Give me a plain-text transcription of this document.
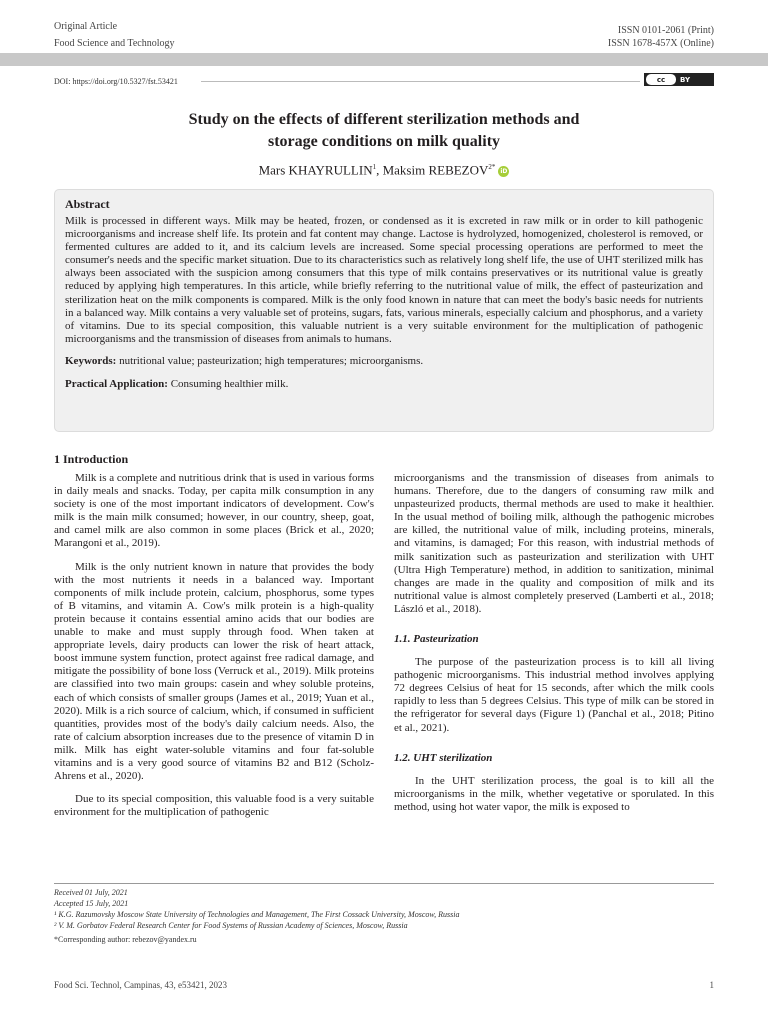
Original Article
Food Science and Technology
ISSN 0101-2061 (Print)
ISSN 1678-457X (Online)
DOI: https://doi.org/10.5327/fst.53421	cc	BY
Study on the effects of different sterilization methods and
storage conditions on milk quality
Mars KHAYRULLIN$^1$, Maksim $REBEZOV^{2*}iD$
Abstract
Milk is processed in different ways. Milk may be heated, frozen, or condensed as it is excreted in raw milk or in order to kill pathogenic microorganisms and increase shelf life. Its protein and fat content may change. Lactose is hydrolyzed, homogenized, cholesterol is removed, or fermented cultures are added to it, and its calcium levels are increased. Some special processing operations are performed to meet the consumer's needs and the specific market situation. Due to its characteristics such as relatively long shelf life, the use of UHT sterilized milk has always been associated with the suspicion among consumers that this type of milk contains preservatives or its nutritional value is greatly reduced by applying high temperatures. In this article, while briefly referring to the nutritional value of milk, the effect of pasteurization and sterilization heat on the milk components is compared. Milk is the only food known in nature that can meet the body's basic needs for nutrients in a balanced way. Milk contains a very valuable set of proteins, sugars, fats, various minerals, especially calcium and phosphorus, and a variety of vitamins. Due to its special composition, this valuable nutrient is a very suitable environment for the multiplication of pathogenic microorganisms and the transmission of diseases from animals to humans.
Keywords: nutritional value; pasteurization; high temperatures; microorganisms.
Practical Application: Consuming healthier milk.
1 Introduction

Milk is a complete and nutritious drink that is used in various forms in daily meals and snacks. Today, per capita milk consumption in any society is one of the most important indicators of development. Cow's milk is the main milk consumed; however, in our country, sheep, goat, and camel milk are also common in some places (Brick et al., 2020; Marangoni et al., 2019).

Milk is the only nutrient known in nature that provides the body with the most nutrients it needs in a balanced way. Important components of milk include protein, calcium, phosphorus, some types of B vitamins, and vitamin A. Cow's milk protein is a high-quality protein because it contains essential amino acids that our bodies are unable to make and must supply through food. When taken at appropriate levels, dairy products can lower the risk of heart attack, boost immune system function, protect against free radical damage, and mitigate the possibility of bone loss (Verruck et al., 2019). Milk proteins are classified into two main groups: casein and whey soluble proteins, each of which consists of smaller groups (James et al., 2019; Yuan et al., 2020). Milk is a rich source of calcium, which, if consumed in sufficient quantities, provides most of the body's daily calcium needs. Also, the rate of calcium absorption increases due to the presence of vitamin D in milk. Milk has eight water-soluble vitamins and four fat-soluble vitamins and is a very good source of vitamins B2 and B12 (Scholz-Ahrens et al., 2020).

Due to its special composition, this valuable food is a very suitable environment for the multiplication of pathogenic

microorganisms and the transmission of diseases from animals to humans. Therefore, due to the dangers of consuming raw milk and unpasteurized products, thermal methods are used to make it healthier. In the usual method of boiling milk, although the pathogenic microbes are killed, the nutritional value of milk, including proteins, minerals, and vitamins, is damaged; For this reason, with industrial methods of milk sanitization such as pasteurization and sterilization with UHT (Ultra High Temperature) method, in addition to sanitization, minimal changes are made in the quality and composition of milk and its nutritional value is almost completely preserved (Lamberti et al., 2018; László et al., 2018).

1.1. Pasteurization

The purpose of the pasteurization process is to kill all living pathogenic microorganisms. This industrial method involves applying 72 degrees Celsius of heat for 15 seconds, after which the milk cools rapidly to less than 5 degrees Celsius. This type of milk can be stored in the refrigerator for several days (Figure 1) (Panchal et al., 2018; Pitino et al., 2021).

1.2. UHT sterilization

In the UHT sterilization process, the goal is to kill all the microorganisms in the milk, whether vegetative or sporulated. In this method, using hot water vapor, the milk is exposed to

Received 01 July, 2021
Accepted 15 July, 2021
¹ K.G. Razumovsky Moscow State University of Technologies and Management, The First Cossack University, Moscow, Russia
² V. M. Gorbatov Federal Research Center for Food Systems of Russian Academy of Sciences, Moscow, Russia
*Corresponding author: rebezov@yandex.ru
Food Sci. Technol, Campinas, 43, e53421, 2023	1
